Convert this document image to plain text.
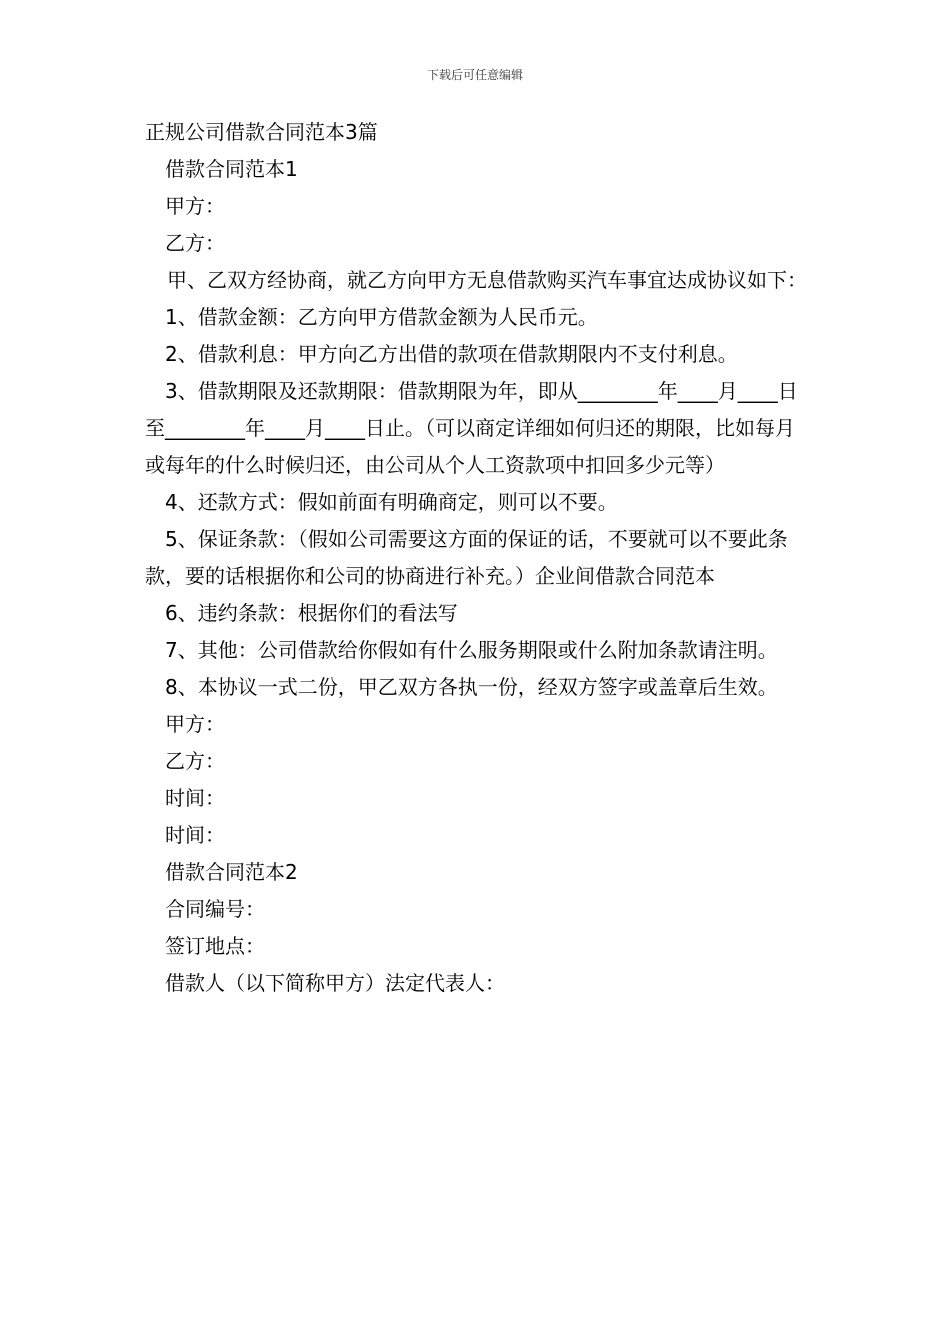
下载后可任意编辑
正规公司借款合同范本3篇
借款合同范本1
甲方：
乙方：
甲、乙双方经协商，就乙方向甲方无息借款购买汽车事宜达成协议如下：
1、借款金额：乙方向甲方借款金额为人民币元。
2、借款利息：甲方向乙方出借的款项在借款期限内不支付利息。
3、借款期限及还款期限：借款期限为年，即从________年____月____日至________年____月____日止。（可以商定详细如何归还的期限，比如每月或每年的什么时候归还，由公司从个人工资款项中扣回多少元等）
4、还款方式：假如前面有明确商定，则可以不要。
5、保证条款：（假如公司需要这方面的保证的话，不要就可以不要此条款，要的话根据你和公司的协商进行补充。）企业间借款合同范本
6、违约条款：根据你们的看法写
7、其他：公司借款给你假如有什么服务期限或什么附加条款请注明。
8、本协议一式二份，甲乙双方各执一份，经双方签字或盖章后生效。
甲方：
乙方：
时间：
时间：
借款合同范本2
合同编号：
签订地点：
借款人（以下简称甲方）法定代表人：
